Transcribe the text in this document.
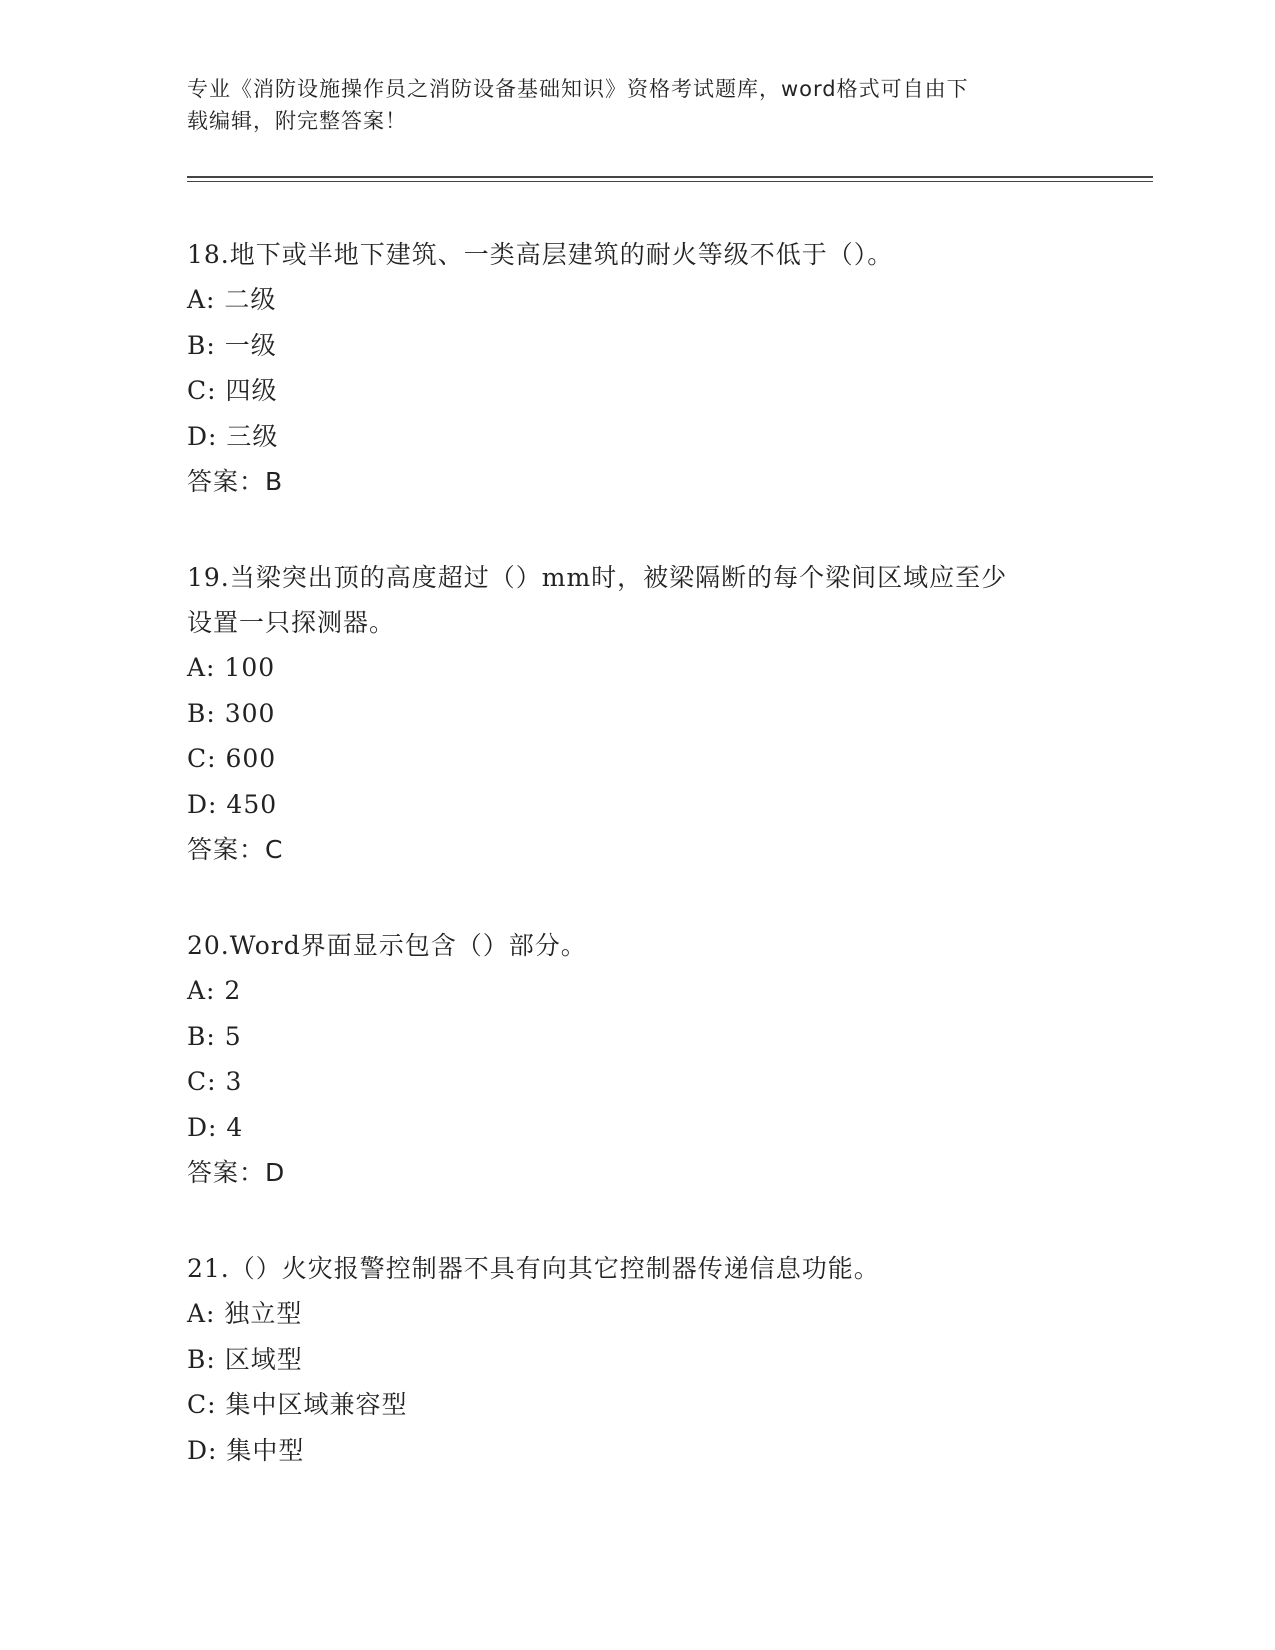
专业《消防设施操作员之消防设备基础知识》资格考试题库，word格式可自由下
载编辑，附完整答案！
18.地下或半地下建筑、一类高层建筑的耐火等级不低于（）。
A: 二级
B: 一级
C: 四级
D: 三级
答案：B
19.当梁突出顶的高度超过（）mm时，被梁隔断的每个梁间区域应至少
设置一只探测器。
A: 100
B: 300
C: 600
D: 450
答案：C
20.Word界面显示包含（）部分。
A: 2
B: 5
C: 3
D: 4
答案：D
21.（）火灾报警控制器不具有向其它控制器传递信息功能。
A: 独立型
B: 区域型
C: 集中区域兼容型
D: 集中型
